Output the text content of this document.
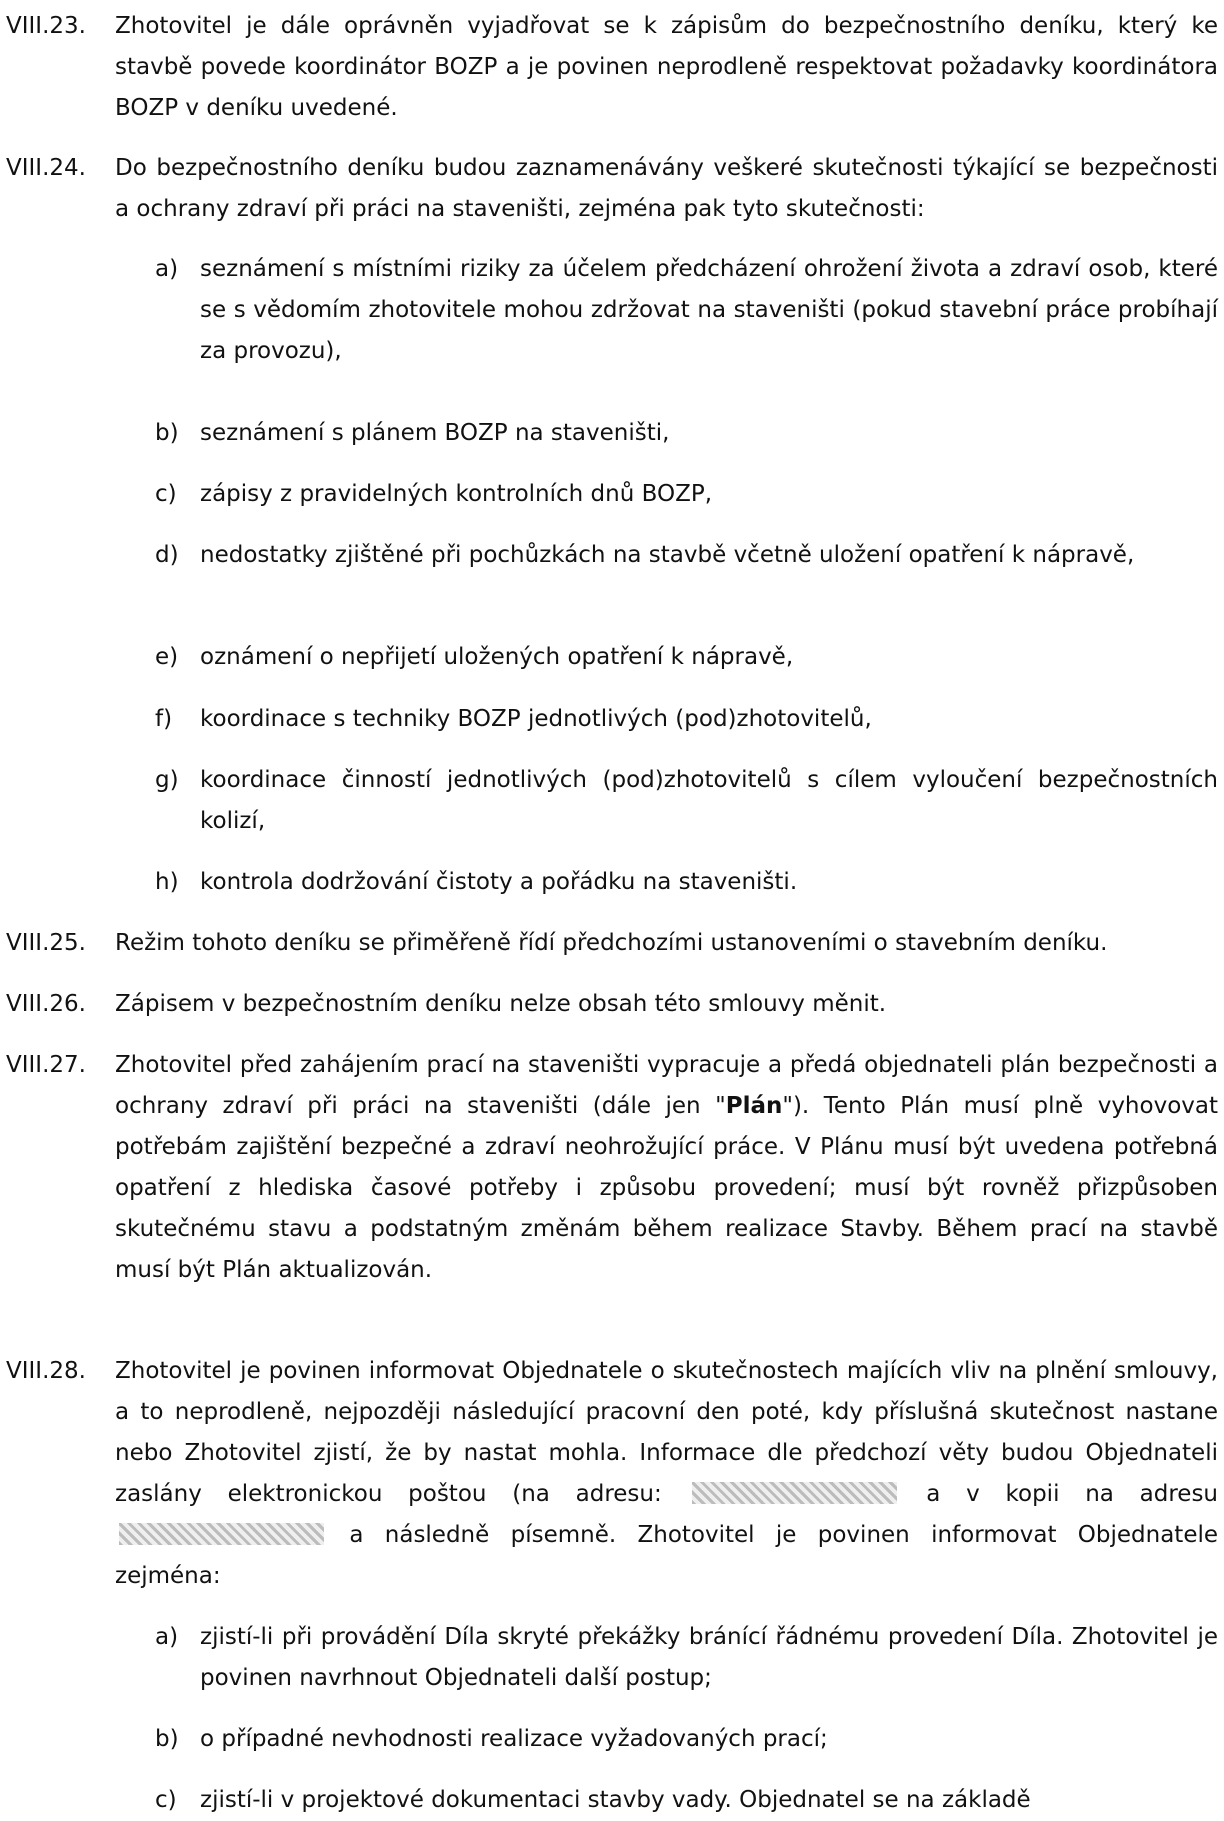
VIII.23. Zhotovitel je dále oprávněn vyjadřovat se k zápisům do bezpečnostního deníku, který ke stavbě povede koordinátor BOZP a je povinen neprodleně respektovat požadavky koordinátora BOZP v deníku uvedené.
VIII.24. Do bezpečnostního deníku budou zaznamenávány veškeré skutečnosti týkající se bezpečnosti a ochrany zdraví při práci na staveništi, zejména pak tyto skutečnosti:
a) seznámení s místními riziky za účelem předcházení ohrožení života a zdraví osob, které se s vědomím zhotovitele mohou zdržovat na staveništi (pokud stavební práce probíhají za provozu),
b) seznámení s plánem BOZP na staveništi,
c) zápisy z pravidelných kontrolních dnů BOZP,
d) nedostatky zjištěné při pochůzkách na stavbě včetně uložení opatření k nápravě,
e) oznámení o nepřijetí uložených opatření k nápravě,
f) koordinace s techniky BOZP jednotlivých (pod)zhotovitelů,
g) koordinace činností jednotlivých (pod)zhotovitelů s cílem vyloučení bezpečnostních kolizí,
h) kontrola dodržování čistoty a pořádku na staveništi.
VIII.25. Režim tohoto deníku se přiměřeně řídí předchozími ustanoveními o stavebním deníku.
VIII.26. Zápisem v bezpečnostním deníku nelze obsah této smlouvy měnit.
VIII.27. Zhotovitel před zahájením prací na staveništi vypracuje a předá objednateli plán bezpečnosti a ochrany zdraví při práci na staveništi (dále jen "Plán"). Tento Plán musí plně vyhovovat potřebám zajištění bezpečné a zdraví neohrožující práce. V Plánu musí být uvedena potřebná opatření z hlediska časové potřeby i způsobu provedení; musí být rovněž přizpůsoben skutečnému stavu a podstatným změnám během realizace Stavby. Během prací na stavbě musí být Plán aktualizován.
VIII.28. Zhotovitel je povinen informovat Objednatele o skutečnostech majících vliv na plnění smlouvy, a to neprodleně, nejpozději následující pracovní den poté, kdy příslušná skutečnost nastane nebo Zhotovitel zjistí, že by nastat mohla. Informace dle předchozí věty budou Objednateli zaslány elektronickou poštou (na adresu:	a v kopii na adresu  a následně písemně. Zhotovitel je povinen informovat Objednatele zejména:
a) zjistí-li při provádění Díla skryté překážky bránící řádnému provedení Díla. Zhotovitel je povinen navrhnout Objednateli další postup;
b) o případné nevhodnosti realizace vyžadovaných prací;
c) zjistí-li v projektové dokumentaci stavby vady. Objednatel se na základě
